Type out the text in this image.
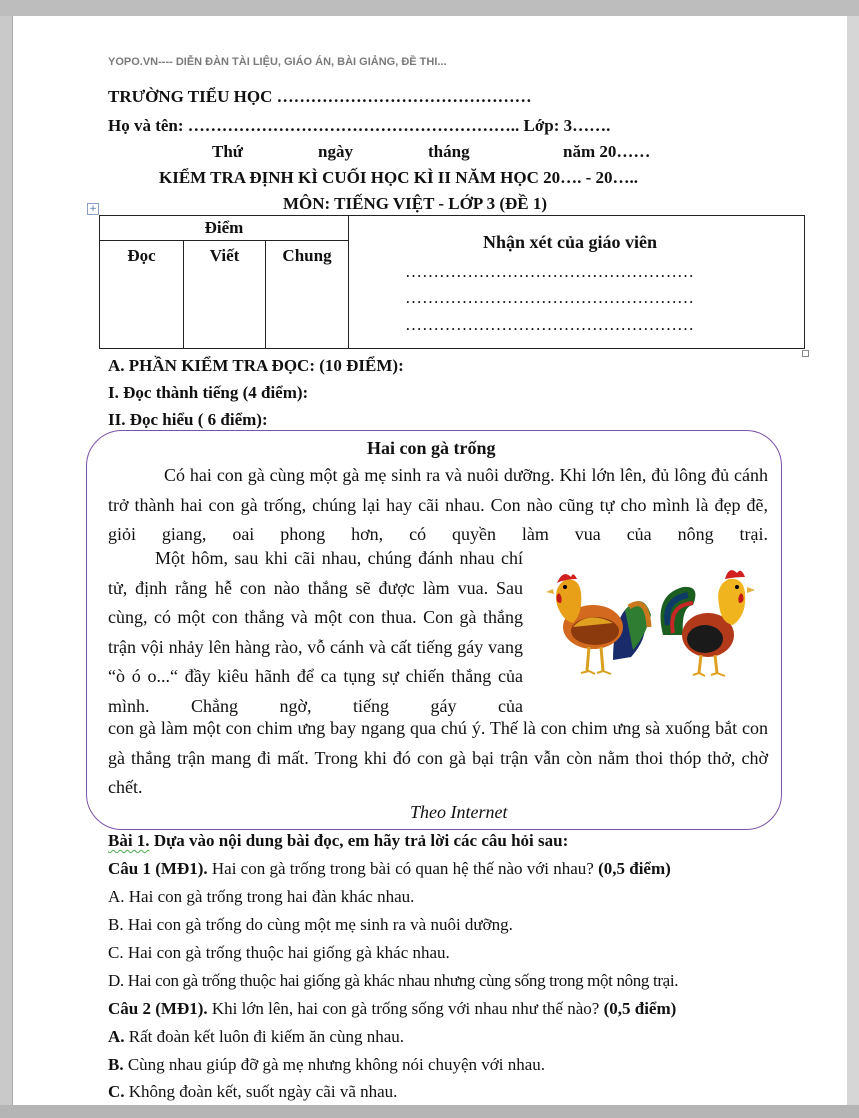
YOPO.VN---- DIỄN ĐÀN TÀI LIỆU, GIÁO ÁN, BÀI GIẢNG, ĐỀ THI...
TRƯỜNG TIỂU HỌC ………………………………………
Họ và tên: ………………………………………………….. Lớp: 3…….
Thứ	ngày	tháng	năm 20……
KIỂM TRA ĐỊNH KÌ CUỐI HỌC KÌ II NĂM HỌC 20…. - 20…..
MÔN: TIẾNG VIỆT - LỚP 3 (ĐỀ 1)
+
Điểm			Nhận xét của giáo viên
……………………………………………
……………………………………………
……………………………………………

Đọc	Viết	Chung	
A. PHẦN KIỂM TRA ĐỌC: (10 ĐIỂM):
I. Đọc thành tiếng (4 điểm):
II. Đọc hiểu ( 6 điểm):
Hai con gà trống
Có hai con gà cùng một gà mẹ sinh ra và nuôi dưỡng. Khi lớn lên, đủ lông đủ cánh trở thành hai con gà trống, chúng lại hay cãi nhau. Con nào cũng tự cho mình là đẹp đẽ, giỏi giang, oai phong hơn, có quyền làm vua của nông trại.
Một hôm, sau khi cãi nhau, chúng đánh nhau chí tử, định rằng hễ con nào thắng sẽ được làm vua. Sau cùng, có một con thắng và một con thua. Con gà thắng trận vội nhảy lên hàng rào, vỗ cánh và cất tiếng gáy vang “ò ó o...“ đầy kiêu hãnh để ca tụng sự chiến thắng của mình. Chẳng ngờ, tiếng gáy của
con gà làm một con chim ưng bay ngang qua chú ý. Thế là con chim ưng sà xuống bắt con gà thắng trận mang đi mất. Trong khi đó con gà bại trận vẫn còn nằm thoi thóp thở, chờ chết.
Theo Internet
Bài 1. Dựa vào nội dung bài đọc, em hãy trả lời các câu hỏi sau:
Câu 1 (MĐ1). Hai con gà trống trong bài có quan hệ thế nào với nhau? (0,5 điểm)
A. Hai con gà trống trong hai đàn khác nhau.
B. Hai con gà trống do cùng một mẹ sinh ra và nuôi dưỡng.
C. Hai con gà trống thuộc hai giống gà khác nhau.
D. Hai con gà trống thuộc hai giống gà khác nhau nhưng cùng sống trong một nông trại.
Câu 2 (MĐ1). Khi lớn lên, hai con gà trống sống với nhau như thế nào? (0,5 điểm)
A. Rất đoàn kết luôn đi kiếm ăn cùng nhau.
B. Cùng nhau giúp đỡ gà mẹ nhưng không nói chuyện với nhau.
C. Không đoàn kết, suốt ngày cãi vã nhau.
